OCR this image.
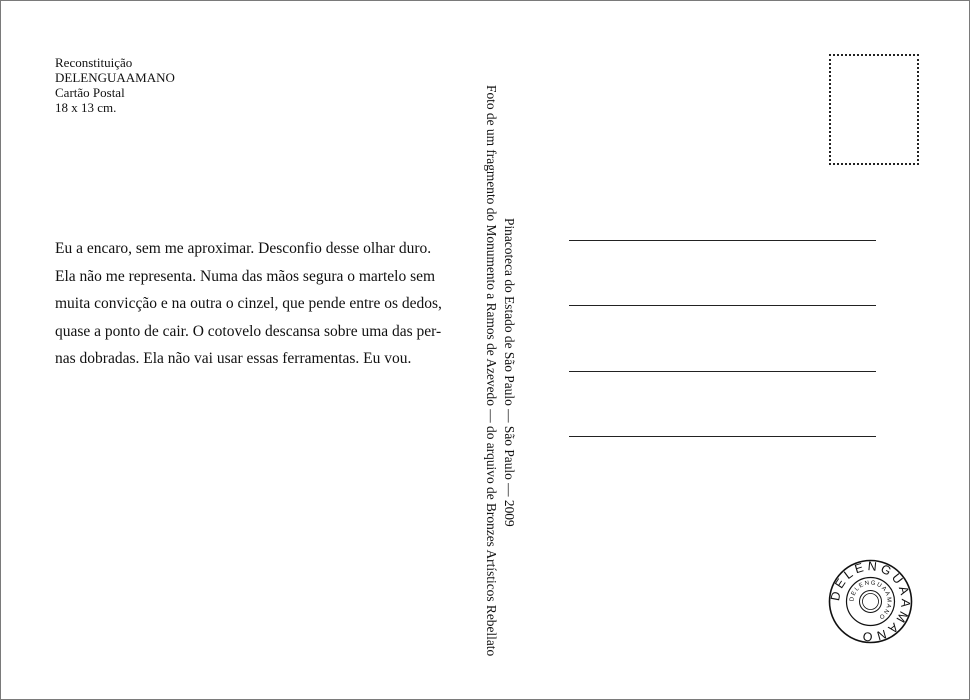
Reconstituição
DELENGUAAMANO
Cartão Postal
18 x 13 cm.
Eu a encaro, sem me aproximar. Desconfio desse olhar duro.
Ela não me representa. Numa das mãos segura o martelo sem
muita convicção e na outra o cinzel, que pende entre os dedos,
quase a ponto de cair. O cotovelo descansa sobre uma das per-
nas dobradas. Ela não vai usar essas ferramentas. Eu vou.	Foto de um fragmento do Monumento a Ramos de Azevedo — do arquivo de Bronzes Artísticos Rebellato Pinacoteca do Estado de São Paulo — São Paulo — 2009
DELENGUAAMANO
DELENGUAAMANO
